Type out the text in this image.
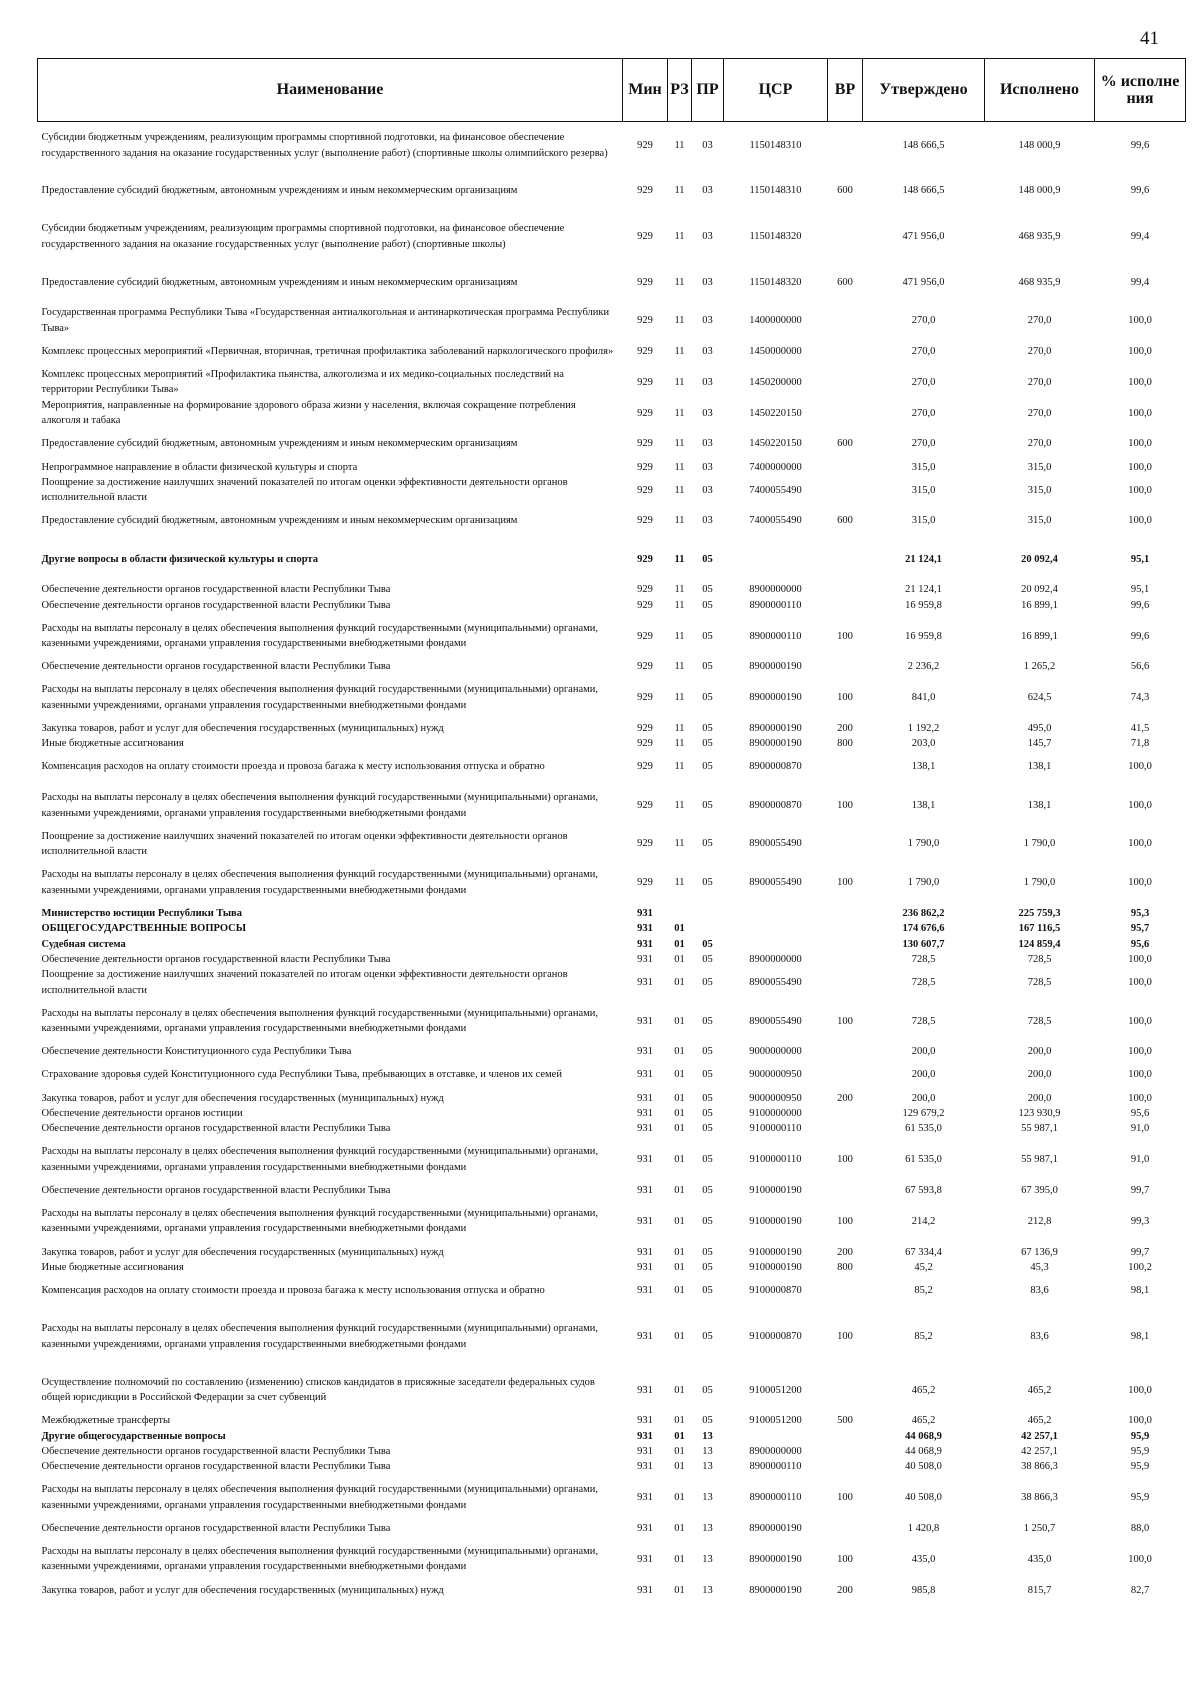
41
Наименование	Мин	РЗ	ПР	ЦСР	ВР	Утверждено	Исполнено	% исполне ния
Субсидии бюджетным учреждениям, реализующим программы спортивной подготовки, на финансовое обеспечение государственного задания на оказание государственных услуг (выполнение работ) (спортивные школы олимпийского резерва)	929	11	03	1150148310		148 666,5	148 000,9	99,6
Предоставление субсидий бюджетным, автономным учреждениям и иным некоммерческим организациям	929	11	03	1150148310	600	148 666,5	148 000,9	99,6
Субсидии бюджетным учреждениям, реализующим программы спортивной подготовки, на финансовое обеспечение государственного задания на оказание государственных услуг (выполнение работ) (спортивные школы)	929	11	03	1150148320		471 956,0	468 935,9	99,4
Предоставление субсидий бюджетным, автономным учреждениям и иным некоммерческим организациям	929	11	03	1150148320	600	471 956,0	468 935,9	99,4
Государственная программа Республики Тыва «Государственная антиалкогольная и антинаркотическая программа Республики Тыва»	929	11	03	1400000000		270,0	270,0	100,0
Комплекс процессных мероприятий «Первичная, вторичная, третичная профилактика заболеваний наркологического профиля»	929	11	03	1450000000		270,0	270,0	100,0
Комплекс процессных мероприятий «Профилактика пьянства, алкоголизма и их медико-социальных последствий на территории Республики Тыва»	929	11	03	1450200000		270,0	270,0	100,0
Мероприятия, направленные на формирование здорового образа жизни у населения, включая сокращение потребления алкоголя и табака	929	11	03	1450220150		270,0	270,0	100,0
Предоставление субсидий бюджетным, автономным учреждениям и иным некоммерческим организациям	929	11	03	1450220150	600	270,0	270,0	100,0
Непрограммное направление в области физической культуры и спорта	929	11	03	7400000000		315,0	315,0	100,0
Поощрение за достижение наилучших значений показателей по итогам оценки эффективности деятельности органов исполнительной власти	929	11	03	7400055490		315,0	315,0	100,0
Предоставление субсидий бюджетным, автономным учреждениям и иным некоммерческим организациям	929	11	03	7400055490	600	315,0	315,0	100,0
Другие вопросы в области физической культуры и спорта	929	11	05			21 124,1	20 092,4	95,1
Обеспечение деятельности органов государственной власти Республики Тыва	929	11	05	8900000000		21 124,1	20 092,4	95,1
Обеспечение деятельности органов государственной власти Республики Тыва	929	11	05	8900000110		16 959,8	16 899,1	99,6
Расходы на выплаты персоналу в целях обеспечения выполнения функций государственными (муниципальными) органами, казенными учреждениями, органами управления государственными внебюджетными фондами	929	11	05	8900000110	100	16 959,8	16 899,1	99,6
Обеспечение деятельности органов государственной власти Республики Тыва	929	11	05	8900000190		2 236,2	1 265,2	56,6
Расходы на выплаты персоналу в целях обеспечения выполнения функций государственными (муниципальными) органами, казенными учреждениями, органами управления государственными внебюджетными фондами	929	11	05	8900000190	100	841,0	624,5	74,3
Закупка товаров, работ и услуг для обеспечения государственных (муниципальных) нужд	929	11	05	8900000190	200	1 192,2	495,0	41,5
Иные бюджетные ассигнования	929	11	05	8900000190	800	203,0	145,7	71,8
Компенсация расходов на оплату стоимости проезда и провоза багажа к месту использования отпуска и обратно	929	11	05	8900000870		138,1	138,1	100,0
Расходы на выплаты персоналу в целях обеспечения выполнения функций государственными (муниципальными) органами, казенными учреждениями, органами управления государственными внебюджетными фондами	929	11	05	8900000870	100	138,1	138,1	100,0
Поощрение за достижение наилучших значений показателей по итогам оценки эффективности деятельности органов исполнительной власти	929	11	05	8900055490		1 790,0	1 790,0	100,0
Расходы на выплаты персоналу в целях обеспечения выполнения функций государственными (муниципальными) органами, казенными учреждениями, органами управления государственными внебюджетными фондами	929	11	05	8900055490	100	1 790,0	1 790,0	100,0
Министерство юстиции Республики Тыва	931					236 862,2	225 759,3	95,3
ОБЩЕГОСУДАРСТВЕННЫЕ ВОПРОСЫ	931	01				174 676,6	167 116,5	95,7
Судебная система	931	01	05			130 607,7	124 859,4	95,6
Обеспечение деятельности органов государственной власти Республики Тыва	931	01	05	8900000000		728,5	728,5	100,0
Поощрение за достижение наилучших значений показателей по итогам оценки эффективности деятельности органов исполнительной власти	931	01	05	8900055490		728,5	728,5	100,0
Расходы на выплаты персоналу в целях обеспечения выполнения функций государственными (муниципальными) органами, казенными учреждениями, органами управления государственными внебюджетными фондами	931	01	05	8900055490	100	728,5	728,5	100,0
Обеспечение деятельности Конституционного суда Республики Тыва	931	01	05	9000000000		200,0	200,0	100,0
Страхование здоровья судей Конституционного суда Республики Тыва, пребывающих в отставке, и членов их семей	931	01	05	9000000950		200,0	200,0	100,0
Закупка товаров, работ и услуг для обеспечения государственных (муниципальных) нужд	931	01	05	9000000950	200	200,0	200,0	100,0
Обеспечение деятельности органов юстиции	931	01	05	9100000000		129 679,2	123 930,9	95,6
Обеспечение деятельности органов государственной власти Республики Тыва	931	01	05	9100000110		61 535,0	55 987,1	91,0
Расходы на выплаты персоналу в целях обеспечения выполнения функций государственными (муниципальными) органами, казенными учреждениями, органами управления государственными внебюджетными фондами	931	01	05	9100000110	100	61 535,0	55 987,1	91,0
Обеспечение деятельности органов государственной власти Республики Тыва	931	01	05	9100000190		67 593,8	67 395,0	99,7
Расходы на выплаты персоналу в целях обеспечения выполнения функций государственными (муниципальными) органами, казенными учреждениями, органами управления государственными внебюджетными фондами	931	01	05	9100000190	100	214,2	212,8	99,3
Закупка товаров, работ и услуг для обеспечения государственных (муниципальных) нужд	931	01	05	9100000190	200	67 334,4	67 136,9	99,7
Иные бюджетные ассигнования	931	01	05	9100000190	800	45,2	45,3	100,2
Компенсация расходов на оплату стоимости проезда и провоза багажа к месту использования отпуска и обратно	931	01	05	9100000870		85,2	83,6	98,1
Расходы на выплаты персоналу в целях обеспечения выполнения функций государственными (муниципальными) органами, казенными учреждениями, органами управления государственными внебюджетными фондами	931	01	05	9100000870	100	85,2	83,6	98,1
Осуществление полномочий по составлению (изменению) списков кандидатов в присяжные заседатели федеральных судов общей юрисдикции в Российской Федерации за счет субвенций	931	01	05	9100051200		465,2	465,2	100,0
Межбюджетные трансферты	931	01	05	9100051200	500	465,2	465,2	100,0
Другие общегосударственные вопросы	931	01	13			44 068,9	42 257,1	95,9
Обеспечение деятельности органов государственной власти Республики Тыва	931	01	13	8900000000		44 068,9	42 257,1	95,9
Обеспечение деятельности органов государственной власти Республики Тыва	931	01	13	8900000110		40 508,0	38 866,3	95,9
Расходы на выплаты персоналу в целях обеспечения выполнения функций государственными (муниципальными) органами, казенными учреждениями, органами управления государственными внебюджетными фондами	931	01	13	8900000110	100	40 508,0	38 866,3	95,9
Обеспечение деятельности органов государственной власти Республики Тыва	931	01	13	8900000190		1 420,8	1 250,7	88,0
Расходы на выплаты персоналу в целях обеспечения выполнения функций государственными (муниципальными) органами, казенными учреждениями, органами управления государственными внебюджетными фондами	931	01	13	8900000190	100	435,0	435,0	100,0
Закупка товаров, работ и услуг для обеспечения государственных (муниципальных) нужд	931	01	13	8900000190	200	985,8	815,7	82,7
